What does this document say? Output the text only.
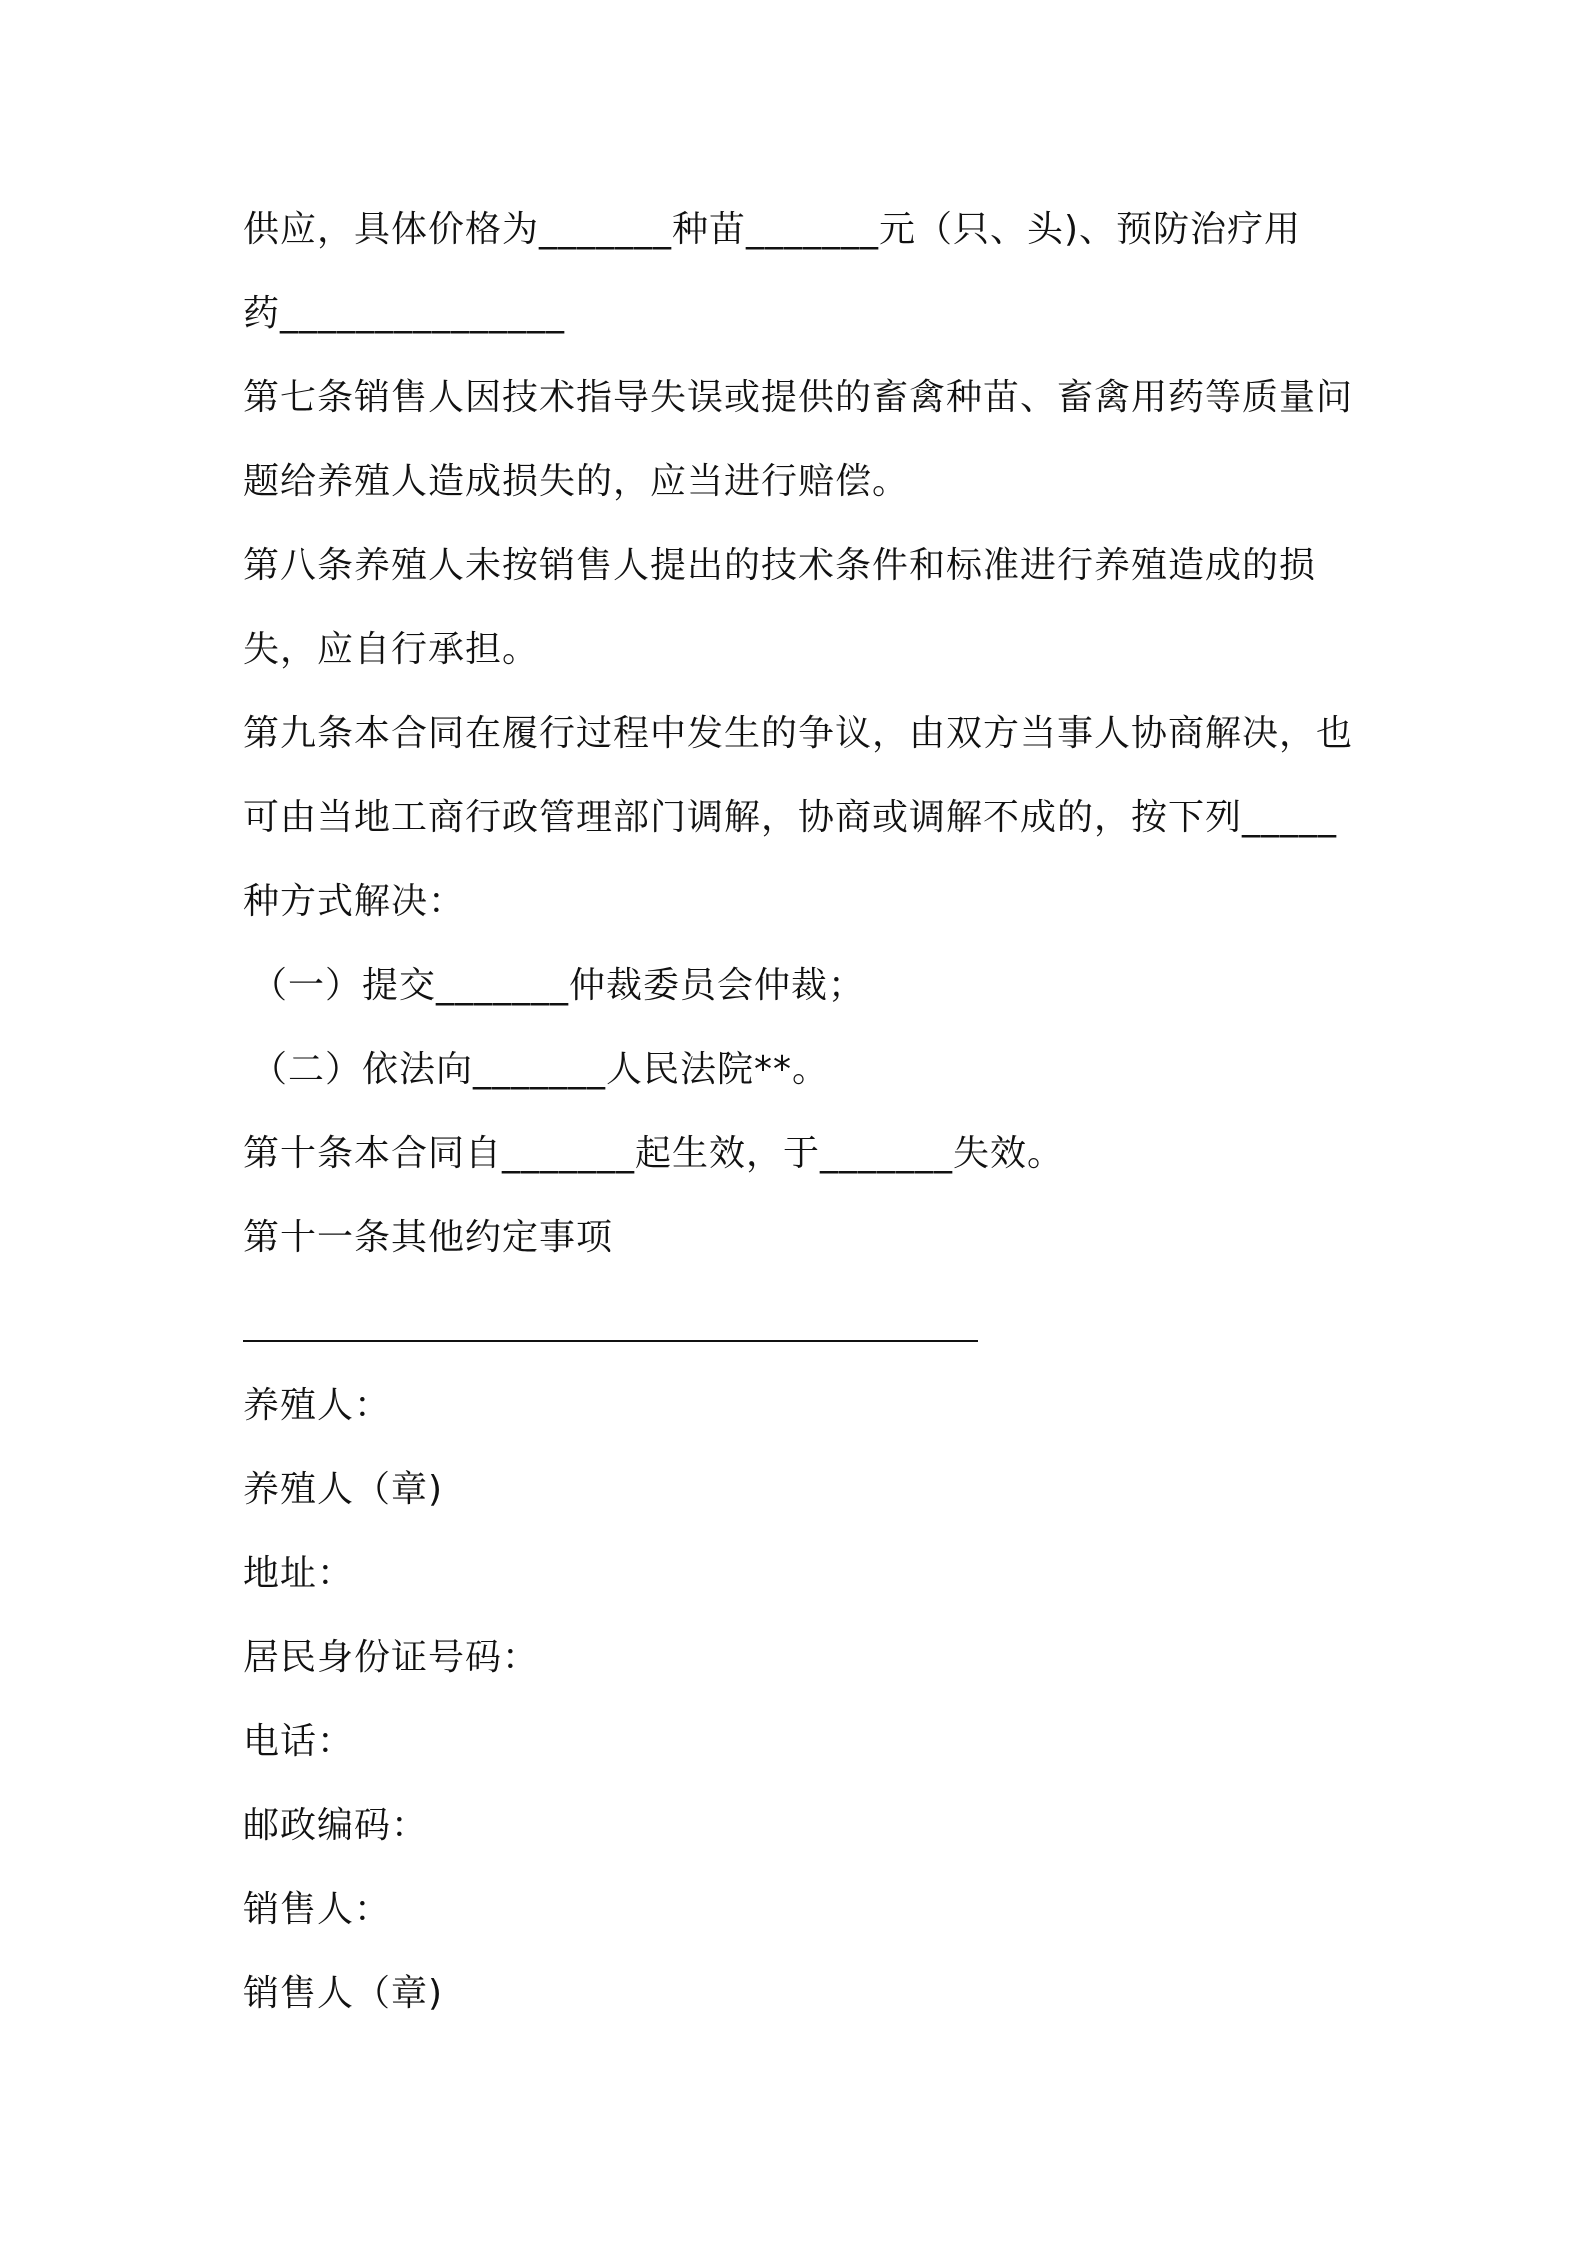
供应，具体价格为_______种苗_______元（只、头)、预防治疗用
药_______________
第七条销售人因技术指导失误或提供的畜禽种苗、畜禽用药等质量问
题给养殖人造成损失的，应当进行赔偿。
第八条养殖人未按销售人提出的技术条件和标准进行养殖造成的损
失，应自行承担。
第九条本合同在履行过程中发生的争议，由双方当事人协商解决，也
可由当地工商行政管理部门调解，协商或调解不成的，按下列_____
种方式解决：
（一）提交_______仲裁委员会仲裁；
（二）依法向_______人民法院**。
第十条本合同自_______起生效，于_______失效。
第十一条其他约定事项
养殖人：
养殖人（章)
地址：
居民身份证号码：
电话：
邮政编码：
销售人：
销售人（章)
